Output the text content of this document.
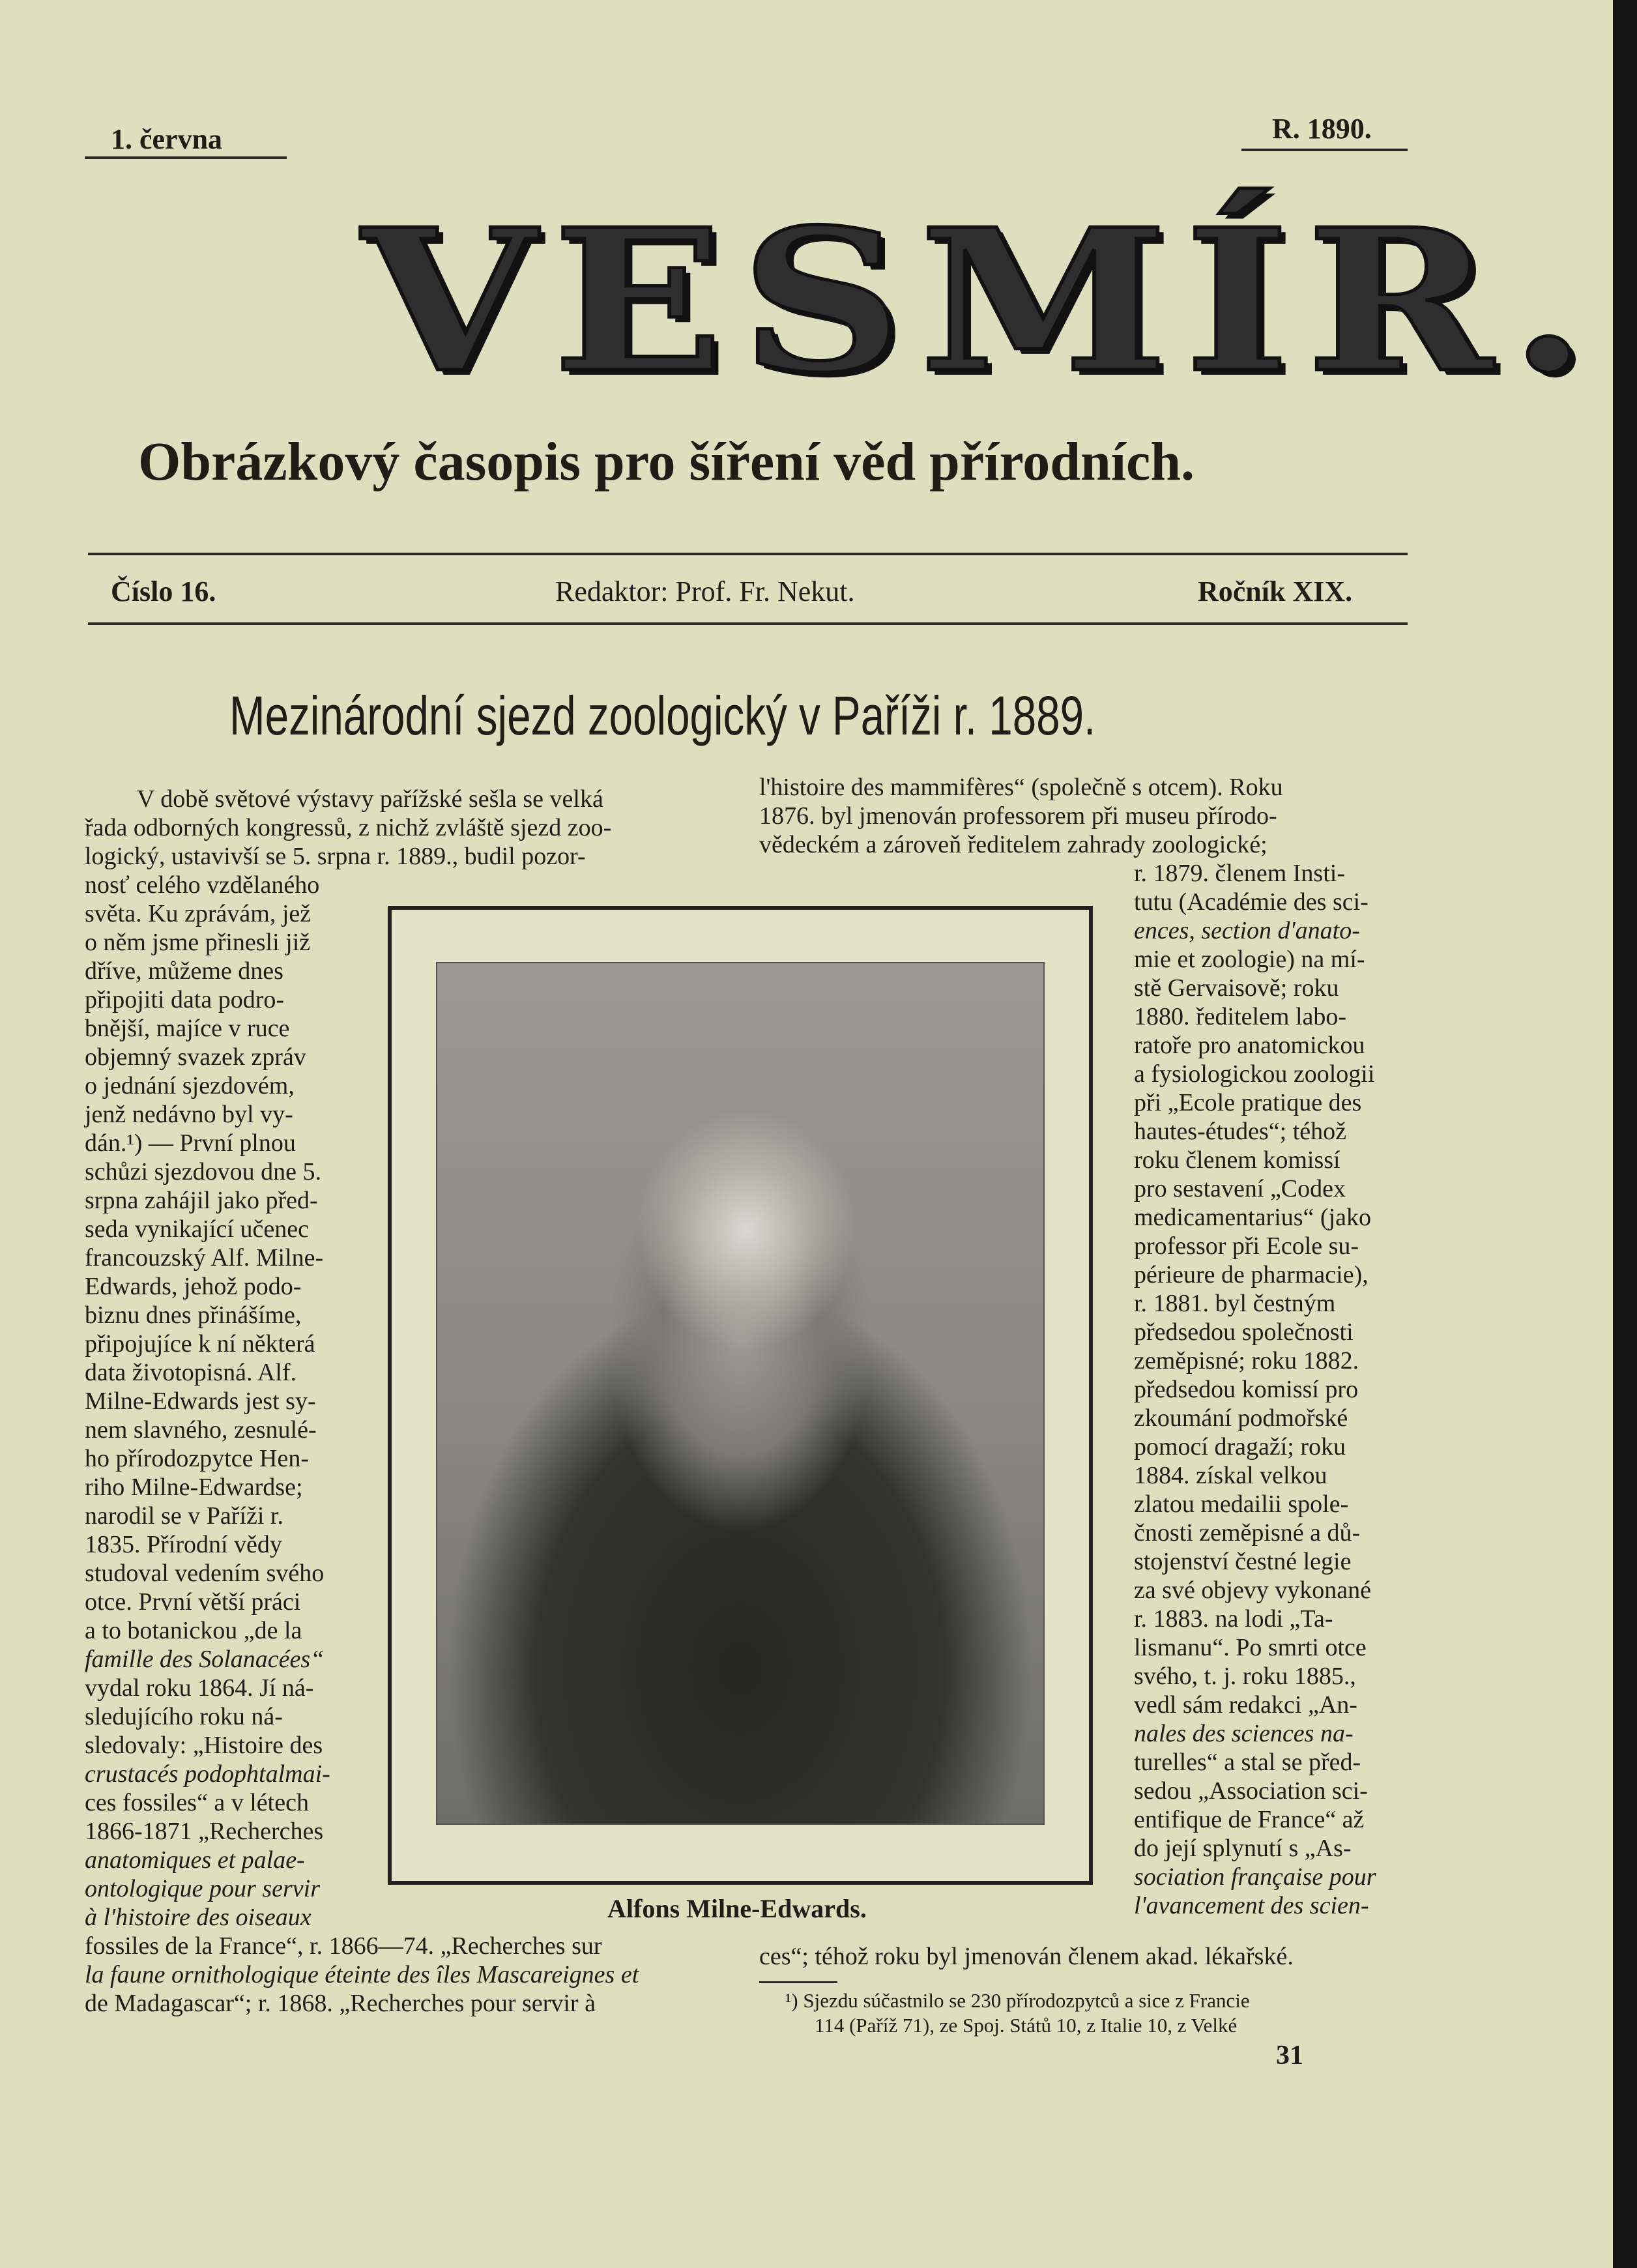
1. června	R. 1890.
VESMÍR.
Obrázkový časopis pro šíření věd přírodních.
Číslo 16.	Redaktor: Prof. Fr. Nekut.	Ročník XIX.
Mezinárodní sjezd zoologický v Paříži r. 1889.
Alfons Milne-Edwards.
V době světové výstavy pařížské sešla se velká
řada odborných kongressů, z nichž zvláště sjezd zoo-
logický, ustavivší se 5. srpna r. 1889., budil pozor-
nosť celého vzdělaného
světa. Ku zprávám, jež
o něm jsme přinesli již
dříve, můžeme dnes
připojiti data podro-
bnější, majíce v ruce
objemný svazek zpráv
o jednání sjezdovém,
jenž nedávno byl vy-
dán.¹) — První plnou
schůzi sjezdovou dne 5.
srpna zahájil jako před-
seda vynikající učenec
francouzský Alf. Milne-
Edwards, jehož podo-
biznu dnes přinášíme,
připojujíce k ní některá
data životopisná. Alf.
Milne-Edwards jest sy-
nem slavného, zesnulé-
ho přírodozpytce Hen-
riho Milne-Edwardse;
narodil se v Paříži r.
1835. Přírodní vědy
studoval vedením svého
otce. První větší práci
a to botanickou „de la
famille des Solanacées“
vydal roku 1864. Jí ná-
sledujícího roku ná-
sledovaly: „Histoire des
crustacés podophtalmai-
ces fossiles“ a v létech
1866-1871 „Recherches
anatomiques et palae-
ontologique pour servir
à l'histoire des oiseaux
fossiles de la France“, r. 1866—74. „Recherches sur
la faune ornithologique éteinte des îles Mascareignes et
de Madagascar“; r. 1868. „Recherches pour servir à
l'histoire des mammifères“ (společně s otcem). Roku
1876. byl jmenován professorem při museu přírodo-
vědeckém a zároveň ředitelem zahrady zoologické;
r. 1879. členem Insti-
tutu (Académie des sci-
ences, section d'anato-
mie et zoologie) na mí-
stě Gervaisově; roku
1880. ředitelem labo-
ratoře pro anatomickou
a fysiologickou zoologii
při „Ecole pratique des
hautes-études“; téhož
roku členem komissí
pro sestavení „Codex
medicamentarius“ (jako
professor při Ecole su-
périeure de pharmacie),
r. 1881. byl čestným
předsedou společnosti
zeměpisné; roku 1882.
předsedou komissí pro
zkoumání podmořské
pomocí dragaží; roku
1884. získal velkou
zlatou medailii spole-
čnosti zeměpisné a dů-
stojenství čestné legie
za své objevy vykonané
r. 1883. na lodi „Ta-
lismanu“. Po smrti otce
svého, t. j. roku 1885.,
vedl sám redakci „An-
nales des sciences na-
turelles“ a stal se před-
sedou „Association sci-
entifique de France“ až
do její splynutí s „As-
sociation française pour
l'avancement des scien-
ces“; téhož roku byl jmenován členem akad. lékařské.
¹) Sjezdu súčastnilo se 230 přírodozpytců a sice z Francie
114 (Paříž 71), ze Spoj. Států 10, z Italie 10, z Velké
31
